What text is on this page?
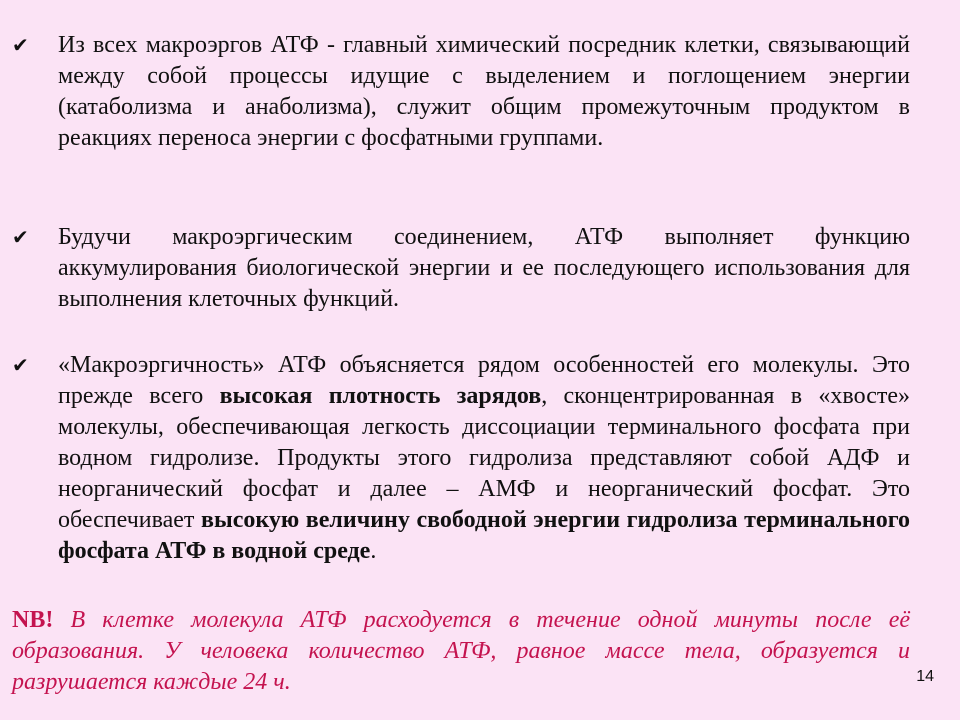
✔ Из всех макроэргов АТФ - главный химический посредник клетки, связывающий между собой процессы идущие с выделением и поглощением энергии (катаболизма и анаболизма), служит общим промежуточным продуктом в реакциях переноса энергии с фосфатными группами.
✔ Будучи макроэргическим соединением, АТФ выполняет функцию аккумулирования биологической энергии и ее последующего использования для выполнения клеточных функций.
✔ «Макроэргичность» АТФ объясняется рядом особенностей его молекулы. Это прежде всего высокая плотность зарядов, сконцентрированная в «хвосте» молекулы, обеспечивающая легкость диссоциации терминального фосфата при водном гидролизе. Продукты этого гидролиза представляют собой АДФ и неорганический фосфат и далее – АМФ и неорганический фосфат. Это обеспечивает высокую величину свободной энергии гидролиза терминального фосфата АТФ в водной среде.
NB! В клетке молекула АТФ расходуется в течение одной минуты после её образования. У человека количество АТФ, равное массе тела, образуется и разрушается каждые 24 ч.	14
